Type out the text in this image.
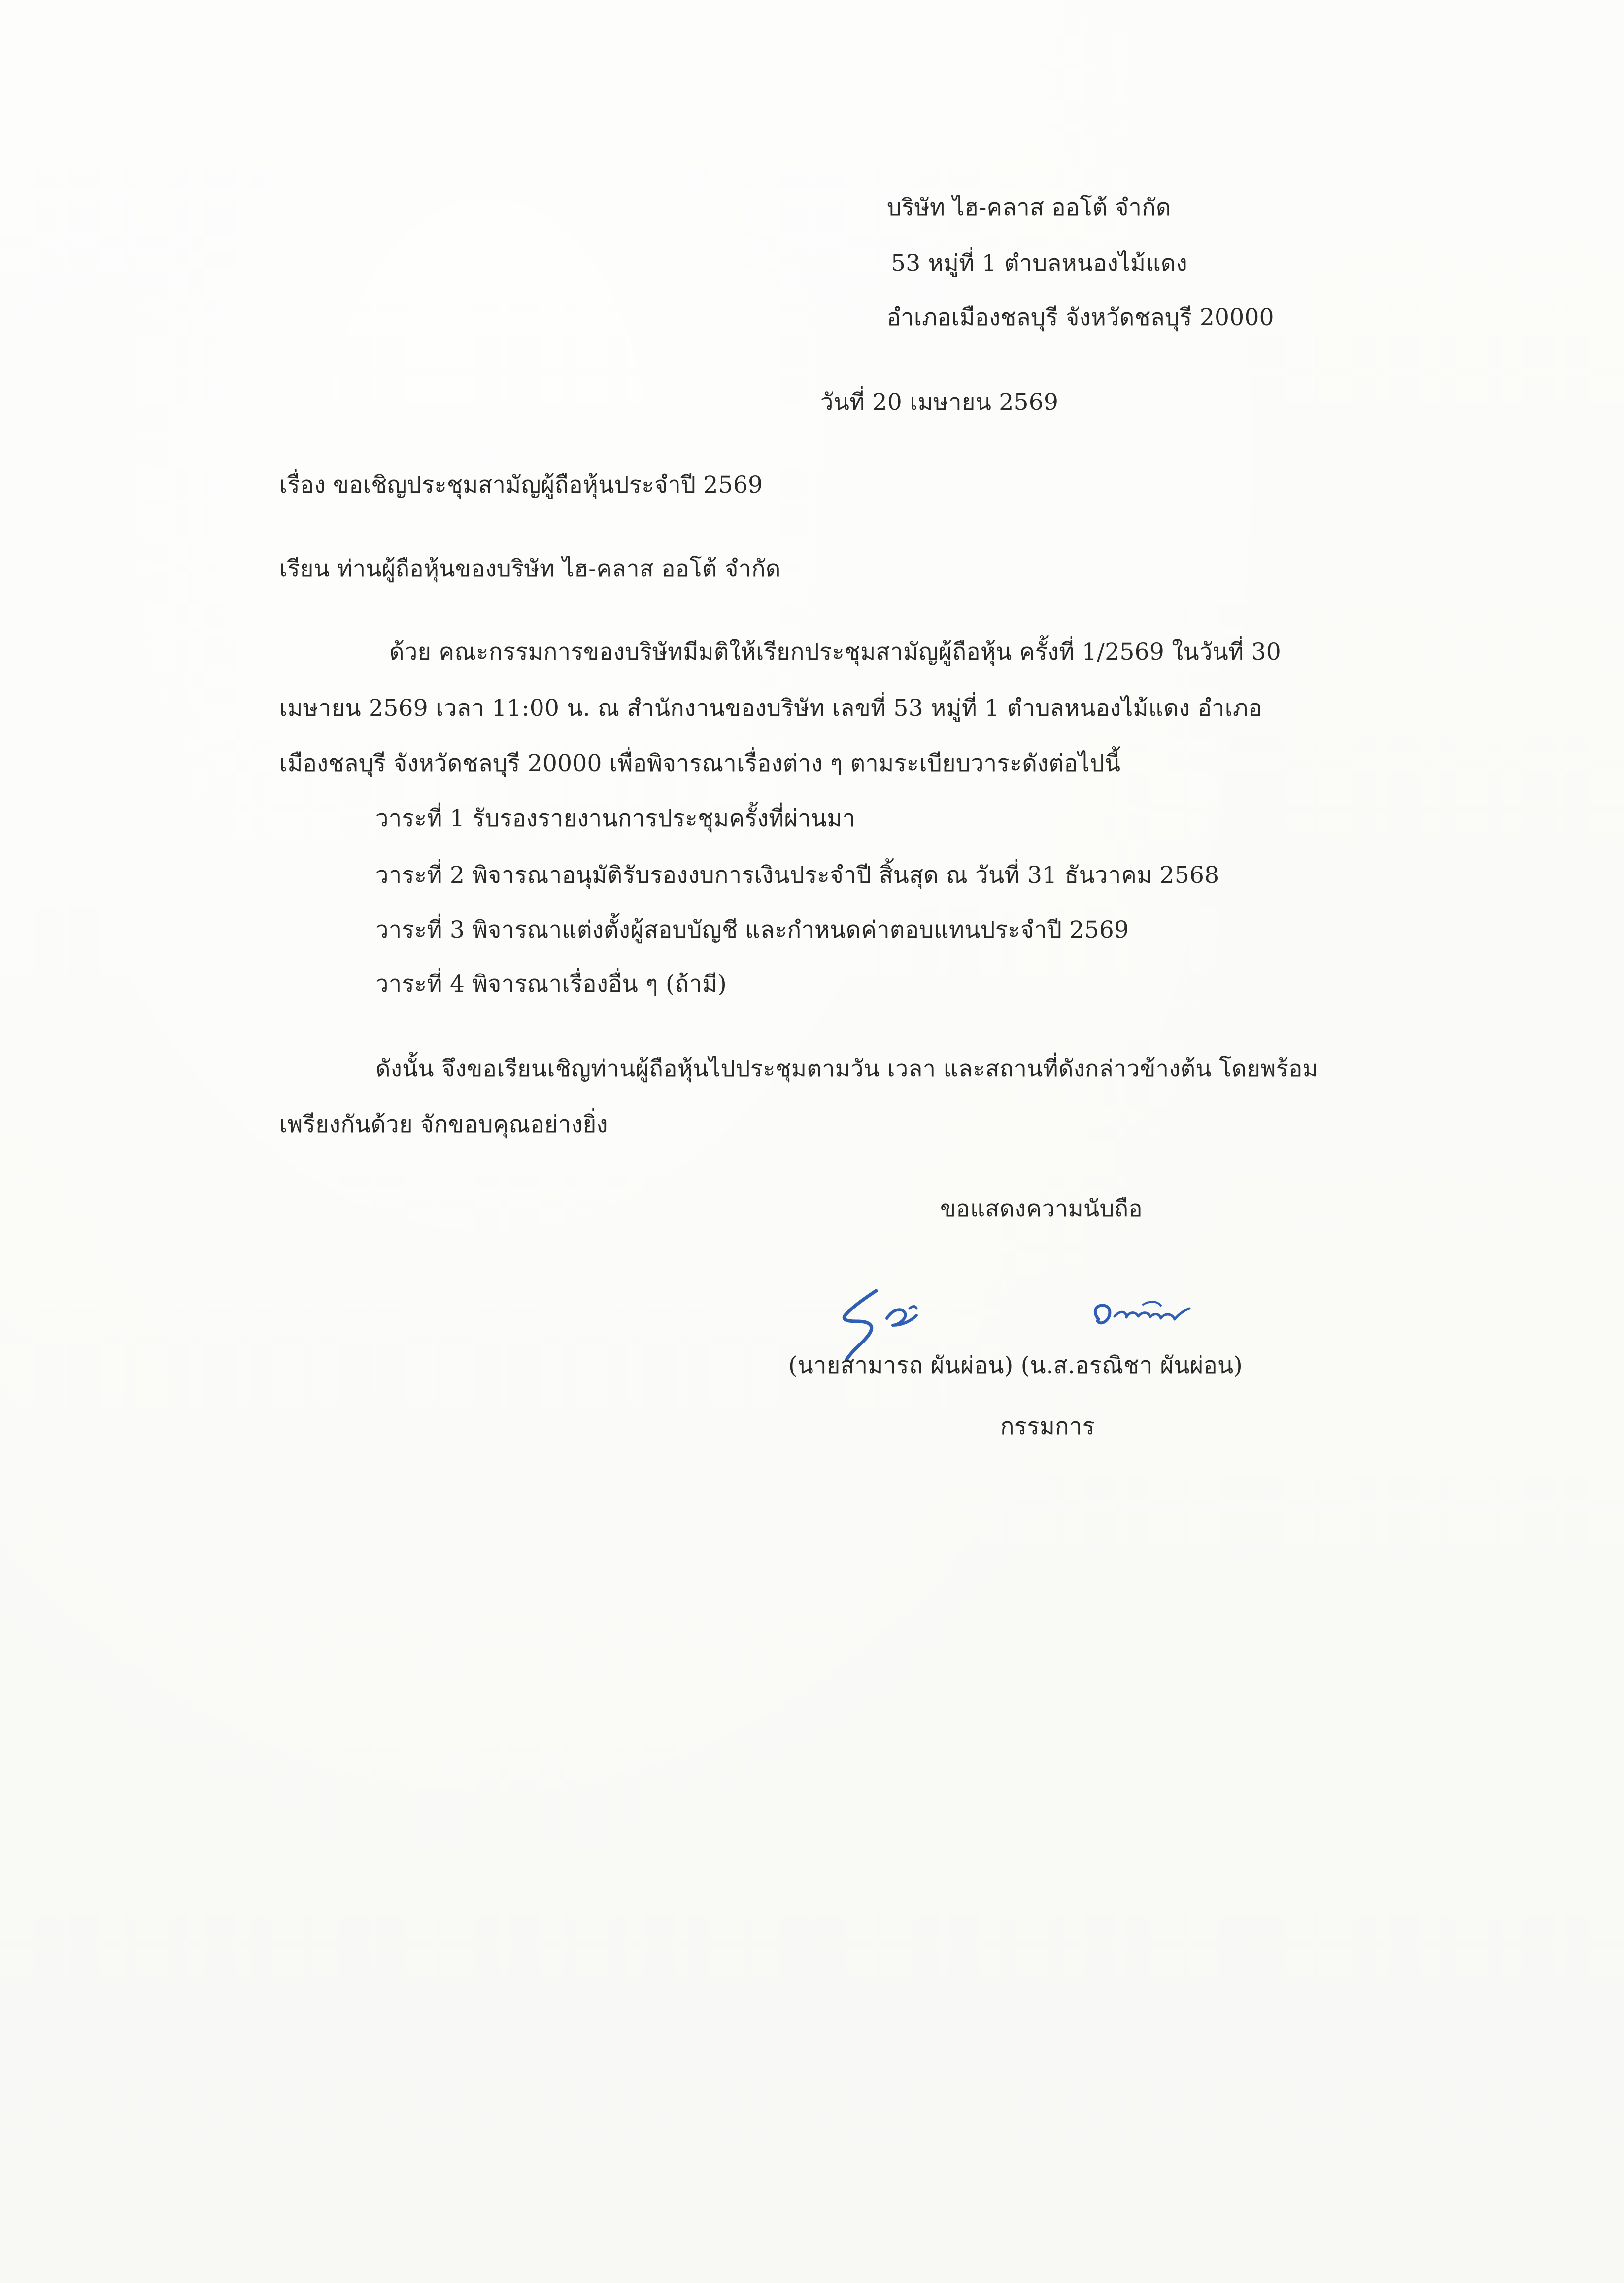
บริษัท ไฮ-คลาส ออโต้ จำกัด
53 หมู่ที่ 1 ตำบลหนองไม้แดง
อำเภอเมืองชลบุรี จังหวัดชลบุรี 20000
วันที่ 20 เมษายน 2569
เรื่อง ขอเชิญประชุมสามัญผู้ถือหุ้นประจำปี 2569
เรียน ท่านผู้ถือหุ้นของบริษัท ไฮ-คลาส ออโต้ จำกัด
ด้วย คณะกรรมการของบริษัทมีมติให้เรียกประชุมสามัญผู้ถือหุ้น ครั้งที่ 1/2569 ในวันที่ 30
เมษายน 2569 เวลา 11:00 น. ณ สำนักงานของบริษัท เลขที่ 53 หมู่ที่ 1 ตำบลหนองไม้แดง อำเภอ
เมืองชลบุรี จังหวัดชลบุรี 20000 เพื่อพิจารณาเรื่องต่าง ๆ ตามระเบียบวาระดังต่อไปนี้
วาระที่ 1 รับรองรายงานการประชุมครั้งที่ผ่านมา
วาระที่ 2 พิจารณาอนุมัติรับรองงบการเงินประจำปี สิ้นสุด ณ วันที่ 31 ธันวาคม 2568
วาระที่ 3 พิจารณาแต่งตั้งผู้สอบบัญชี และกำหนดค่าตอบแทนประจำปี 2569
วาระที่ 4 พิจารณาเรื่องอื่น ๆ (ถ้ามี)
ดังนั้น จึงขอเรียนเชิญท่านผู้ถือหุ้นไปประชุมตามวัน เวลา และสถานที่ดังกล่าวข้างต้น โดยพร้อม
เพรียงกันด้วย จักขอบคุณอย่างยิ่ง
ขอแสดงความนับถือ
(นายสามารถ ผันผ่อน) (น.ส.อรณิชา ผันผ่อน)
กรรมการ
